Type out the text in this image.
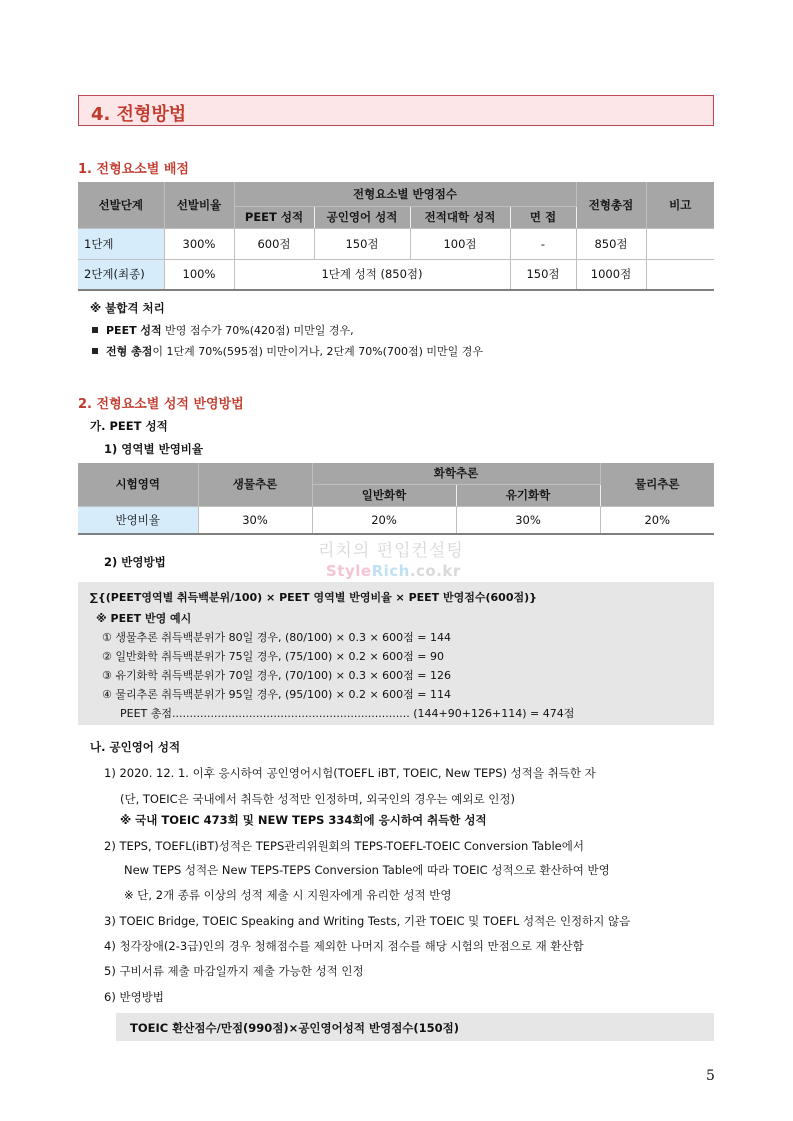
4. 전형방법
1. 전형요소별 배점
선발단계	선발비율	전형요소별 반영점수				전형총점	비고
		PEET 성적	공인영어 성적	전적대학 성적	면 접		
1단계	300%	600점	150점	100점	-	850점	
2단계(최종)	100%	1단계 성적 (850점)			150점	1000점	
※ 불합격 처리
PEET 성적 반영 점수가 70%(420점) 미만일 경우,
전형 총점이 1단계 70%(595점) 미만이거나, 2단계 70%(700점) 미만일 경우
2. 전형요소별 성적 반영방법
가. PEET 성적
1) 영역별 반영비율
시험영역	생물추론	화학추론		물리추론
		일반화학	유기화학	
반영비율	30%	20%	30%	20%
2) 반영방법
리치의 편입컨설팅
StyleRich.co.kr
∑{(PEET영역별 취득백분위/100) × PEET 영역별 반영비율 × PEET 반영점수(600점)}
※ PEET 반영 예시
① 생물추론 취득백분위가 80일 경우, (80/100) × 0.3 × 600점 = 144
② 일반화학 취득백분위가 75일 경우, (75/100) × 0.2 × 600점 = 90
③ 유기화학 취득백분위가 70일 경우, (70/100) × 0.3 × 600점 = 126
④ 물리추론 취득백분위가 95일 경우, (95/100) × 0.2 × 600점 = 114
PEET 총점.................................................................... (144+90+126+114) = 474점
나. 공인영어 성적
1) 2020. 12. 1. 이후 응시하여 공인영어시험(TOEFL iBT, TOEIC, New TEPS) 성적을 취득한 자
(단, TOEIC은 국내에서 취득한 성적만 인정하며, 외국인의 경우는 예외로 인정)
※ 국내 TOEIC 473회 및 NEW TEPS 334회에 응시하여 취득한 성적
2) TEPS, TOEFL(iBT)성적은 TEPS관리위원회의 TEPS-TOEFL-TOEIC Conversion Table에서
New TEPS 성적은 New TEPS-TEPS Conversion Table에 따라 TOEIC 성적으로 환산하여 반영
※ 단, 2개 종류 이상의 성적 제출 시 지원자에게 유리한 성적 반영
3) TOEIC Bridge, TOEIC Speaking and Writing Tests, 기관 TOEIC 및 TOEFL 성적은 인정하지 않음
4) 청각장애(2-3급)인의 경우 청해점수를 제외한 나머지 점수를 해당 시험의 만점으로 재 환산함
5) 구비서류 제출 마감일까지 제출 가능한 성적 인정
6) 반영방법
TOEIC 환산점수/만점(990점)×공인영어성적 반영점수(150점)
5
